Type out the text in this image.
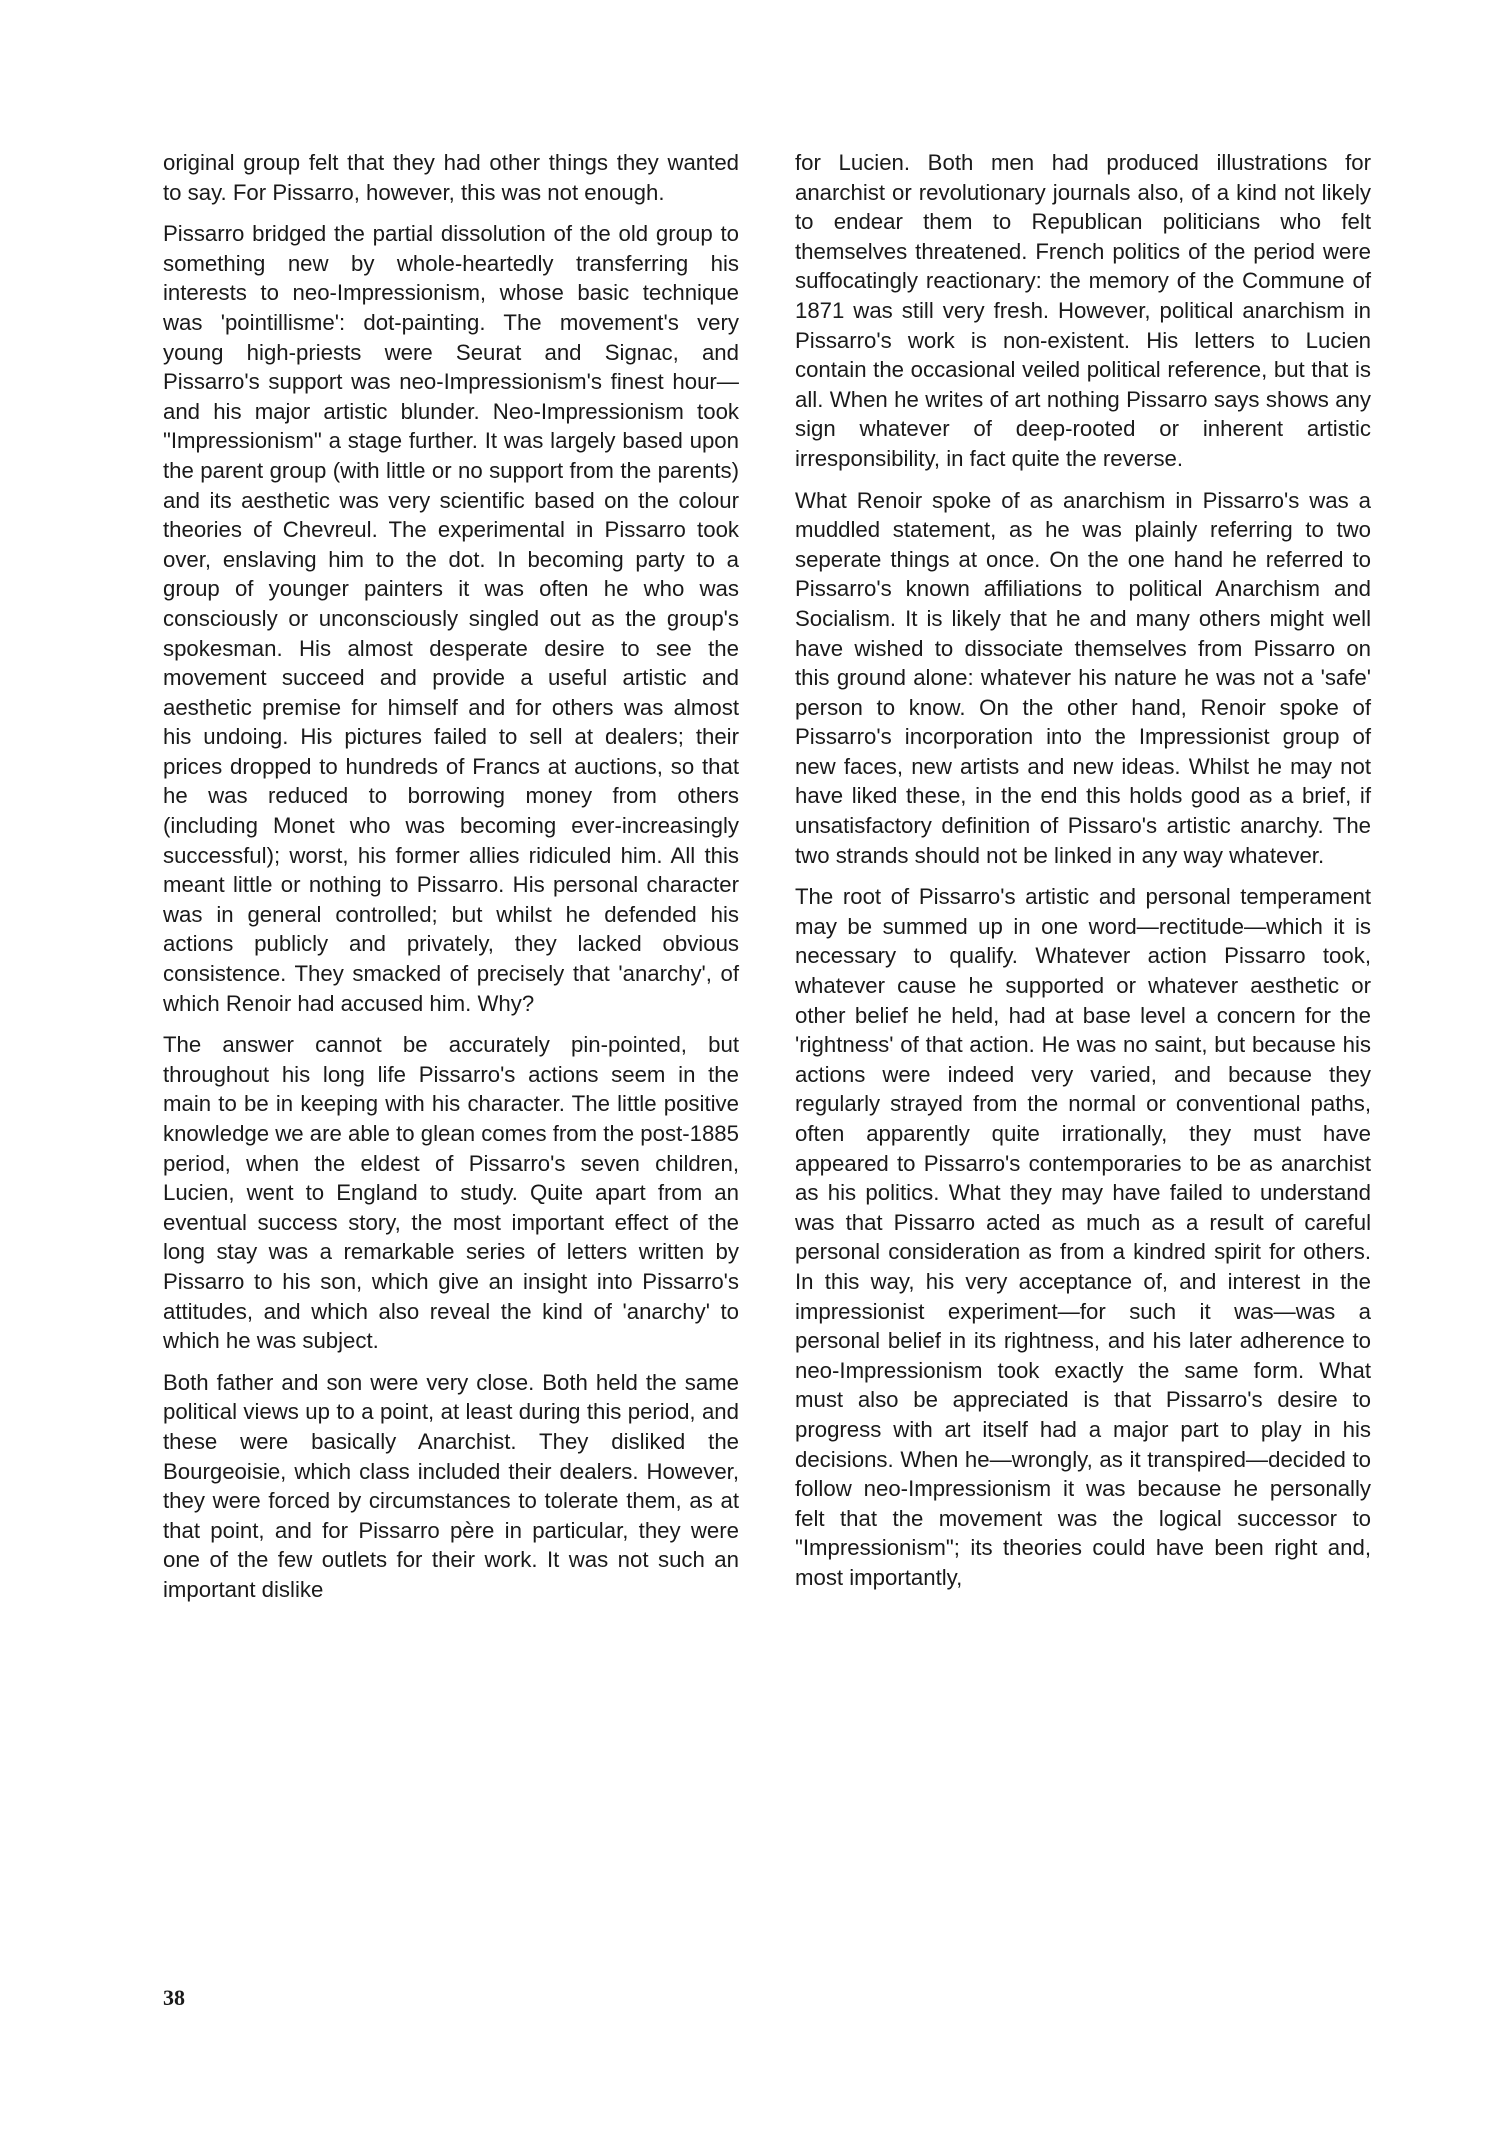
original group felt that they had other things they wanted to say. For Pissarro, however, this was not enough.

Pissarro bridged the partial dissolution of the old group to something new by whole-heartedly transferring his interests to neo-Impressionism, whose basic technique was 'pointillisme': dot-painting. The movement's very young high-priests were Seurat and Signac, and Pissarro's support was neo-Impressionism's finest hour—and his major artistic blunder. Neo-Impressionism took "Impressionism" a stage further. It was largely based upon the parent group (with little or no support from the parents) and its aesthetic was very scientific based on the colour theories of Chevreul. The experimental in Pissarro took over, enslaving him to the dot. In becoming party to a group of younger painters it was often he who was consciously or unconsciously singled out as the group's spokesman. His almost desperate desire to see the movement succeed and provide a useful artistic and aesthetic premise for himself and for others was almost his undoing. His pictures failed to sell at dealers; their prices dropped to hundreds of Francs at auctions, so that he was reduced to borrowing money from others (including Monet who was becoming ever-increasingly successful); worst, his former allies ridiculed him. All this meant little or nothing to Pissarro. His personal character was in general controlled; but whilst he defended his actions publicly and privately, they lacked obvious consistence. They smacked of precisely that 'anarchy', of which Renoir had accused him. Why?

The answer cannot be accurately pin-pointed, but throughout his long life Pissarro's actions seem in the main to be in keeping with his character. The little positive knowledge we are able to glean comes from the post-1885 period, when the eldest of Pissarro's seven children, Lucien, went to England to study. Quite apart from an eventual success story, the most important effect of the long stay was a remarkable series of letters written by Pissarro to his son, which give an insight into Pissarro's attitudes, and which also reveal the kind of 'anarchy' to which he was subject.

Both father and son were very close. Both held the same political views up to a point, at least during this period, and these were basically Anarchist. They disliked the Bourgeoisie, which class included their dealers. However, they were forced by circumstances to tolerate them, as at that point, and for Pissarro père in particular, they were one of the few outlets for their work. It was not such an important dislike

for Lucien. Both men had produced illustrations for anarchist or revolutionary journals also, of a kind not likely to endear them to Republican politicians who felt themselves threatened. French politics of the period were suffocatingly reactionary: the memory of the Commune of 1871 was still very fresh. However, political anarchism in Pissarro's work is non-existent. His letters to Lucien contain the occasional veiled political reference, but that is all. When he writes of art nothing Pissarro says shows any sign whatever of deep-rooted or inherent artistic irresponsibility, in fact quite the reverse.

What Renoir spoke of as anarchism in Pissarro's was a muddled statement, as he was plainly referring to two seperate things at once. On the one hand he referred to Pissarro's known affiliations to political Anarchism and Socialism. It is likely that he and many others might well have wished to dissociate themselves from Pissarro on this ground alone: whatever his nature he was not a 'safe' person to know. On the other hand, Renoir spoke of Pissarro's incorporation into the Impressionist group of new faces, new artists and new ideas. Whilst he may not have liked these, in the end this holds good as a brief, if unsatisfactory definition of Pissaro's artistic anarchy. The two strands should not be linked in any way whatever.

The root of Pissarro's artistic and personal temperament may be summed up in one word—rectitude—which it is necessary to qualify. Whatever action Pissarro took, whatever cause he supported or whatever aesthetic or other belief he held, had at base level a concern for the 'rightness' of that action. He was no saint, but because his actions were indeed very varied, and because they regularly strayed from the normal or conventional paths, often apparently quite irrationally, they must have appeared to Pissarro's contemporaries to be as anarchist as his politics. What they may have failed to understand was that Pissarro acted as much as a result of careful personal consideration as from a kindred spirit for others. In this way, his very acceptance of, and interest in the impressionist experiment—for such it was—was a personal belief in its rightness, and his later adherence to neo-Impressionism took exactly the same form. What must also be appreciated is that Pissarro's desire to progress with art itself had a major part to play in his decisions. When he—wrongly, as it transpired—decided to follow neo-Impressionism it was because he personally felt that the movement was the logical successor to "Impressionism"; its theories could have been right and, most importantly,

38
